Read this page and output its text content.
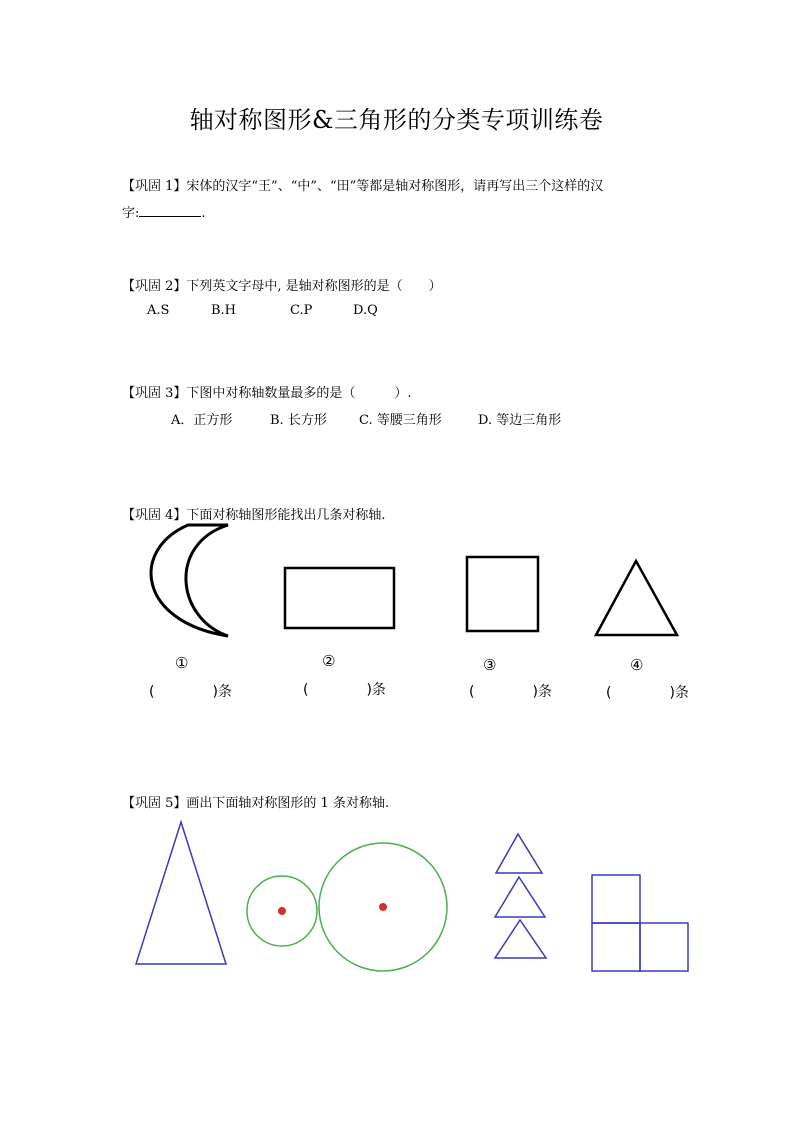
·
轴对称图形&三角形的分类专项训练卷
【巩固 1】宋体的汉字“王”、“中”、“田”等都是轴对称图形，请再写出三个这样的汉
字:	.
【巩固 2】下列英文字母中, 是轴对称图形的是（　　）
A.S	B.H	C.P	D.Q
【巩固 3】下图中对称轴数量最多的是（　　　）.
A．正方形	B. 长方形 C. 等腰三角形	D. 等边三角形
【巩固 4】下面对称轴图形能找出几条对称轴.
①	②	③	④
(	)条	(	)条	(	)条	(	)条
【巩固 5】画出下面轴对称图形的 1 条对称轴.
